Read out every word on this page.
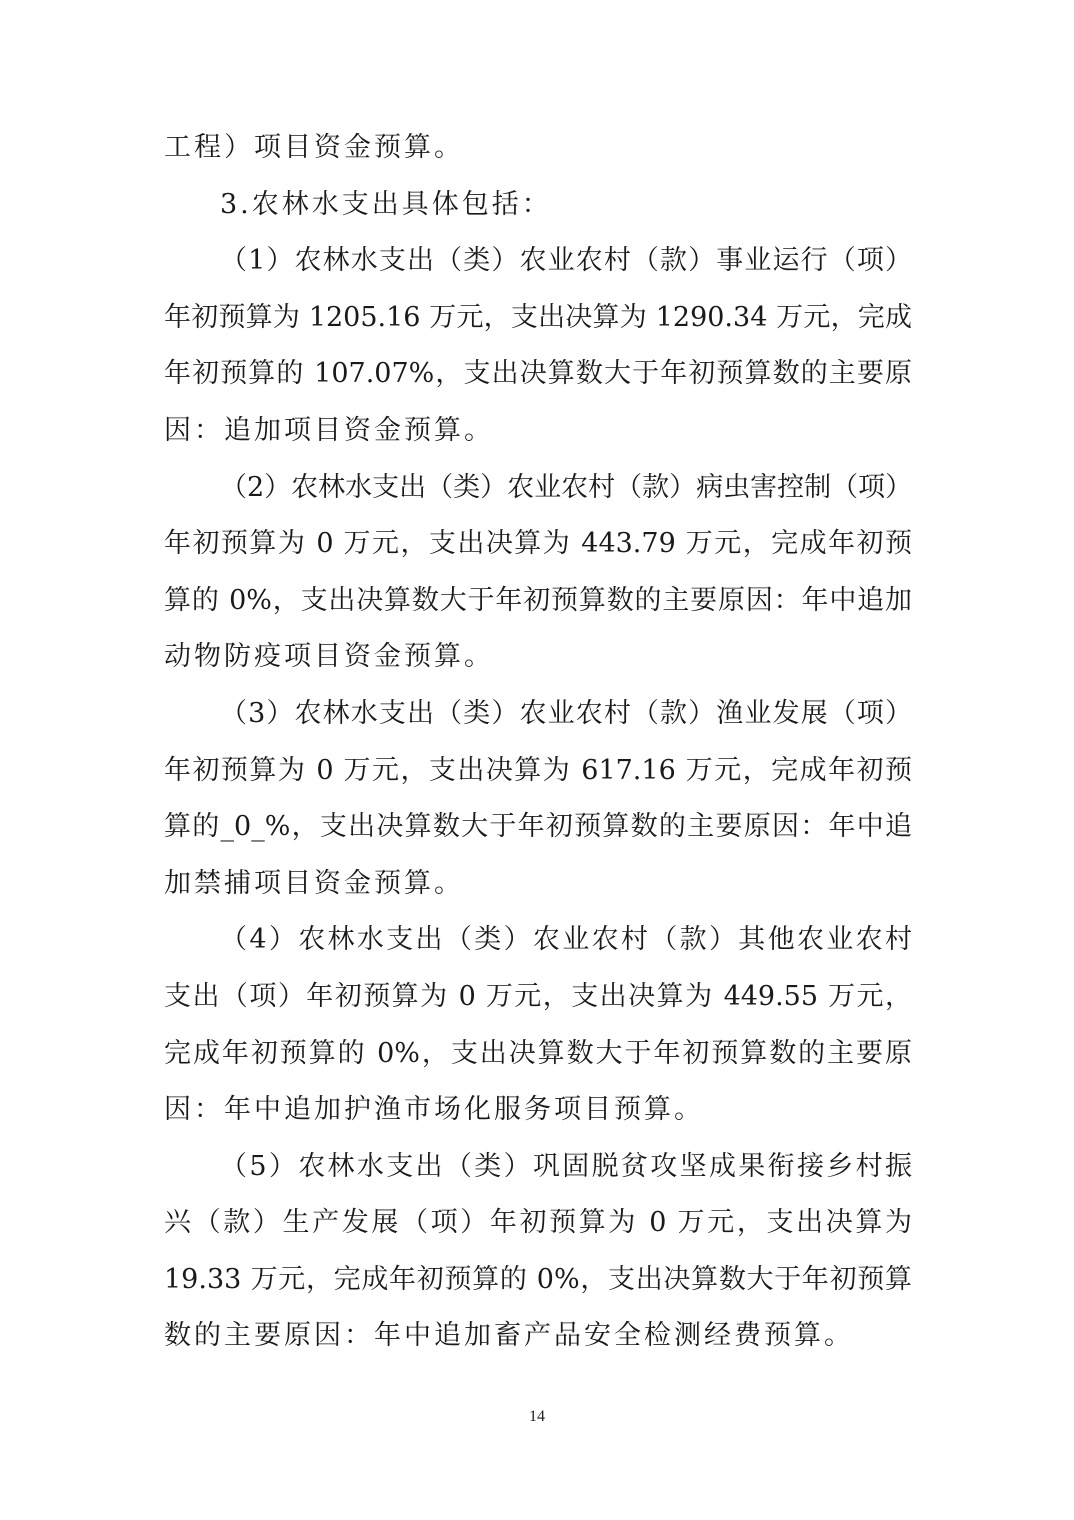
工程）项目资金预算。
3.农林水支出具体包括：
（1）农林水支出（类）农业农村（款）事业运行（项）
年初预算为 1205.16 万元，支出决算为 1290.34 万元，完成
年初预算的 107.07%，支出决算数大于年初预算数的主要原
因：追加项目资金预算。
（2）农林水支出（类）农业农村（款）病虫害控制（项）
年初预算为 0 万元，支出决算为 443.79 万元，完成年初预
算的 0%，支出决算数大于年初预算数的主要原因：年中追加
动物防疫项目资金预算。
（3）农林水支出（类）农业农村（款）渔业发展（项）
年初预算为 0 万元，支出决算为 617.16 万元，完成年初预
算的_0_%，支出决算数大于年初预算数的主要原因：年中追
加禁捕项目资金预算。
（4）农林水支出（类）农业农村（款）其他农业农村
支出（项）年初预算为 0 万元，支出决算为 449.55 万元，
完成年初预算的 0%，支出决算数大于年初预算数的主要原
因：年中追加护渔市场化服务项目预算。
（5）农林水支出（类）巩固脱贫攻坚成果衔接乡村振
兴（款）生产发展（项）年初预算为 0 万元，支出决算为
19.33 万元，完成年初预算的 0%，支出决算数大于年初预算
数的主要原因：年中追加畜产品安全检测经费预算。
14
